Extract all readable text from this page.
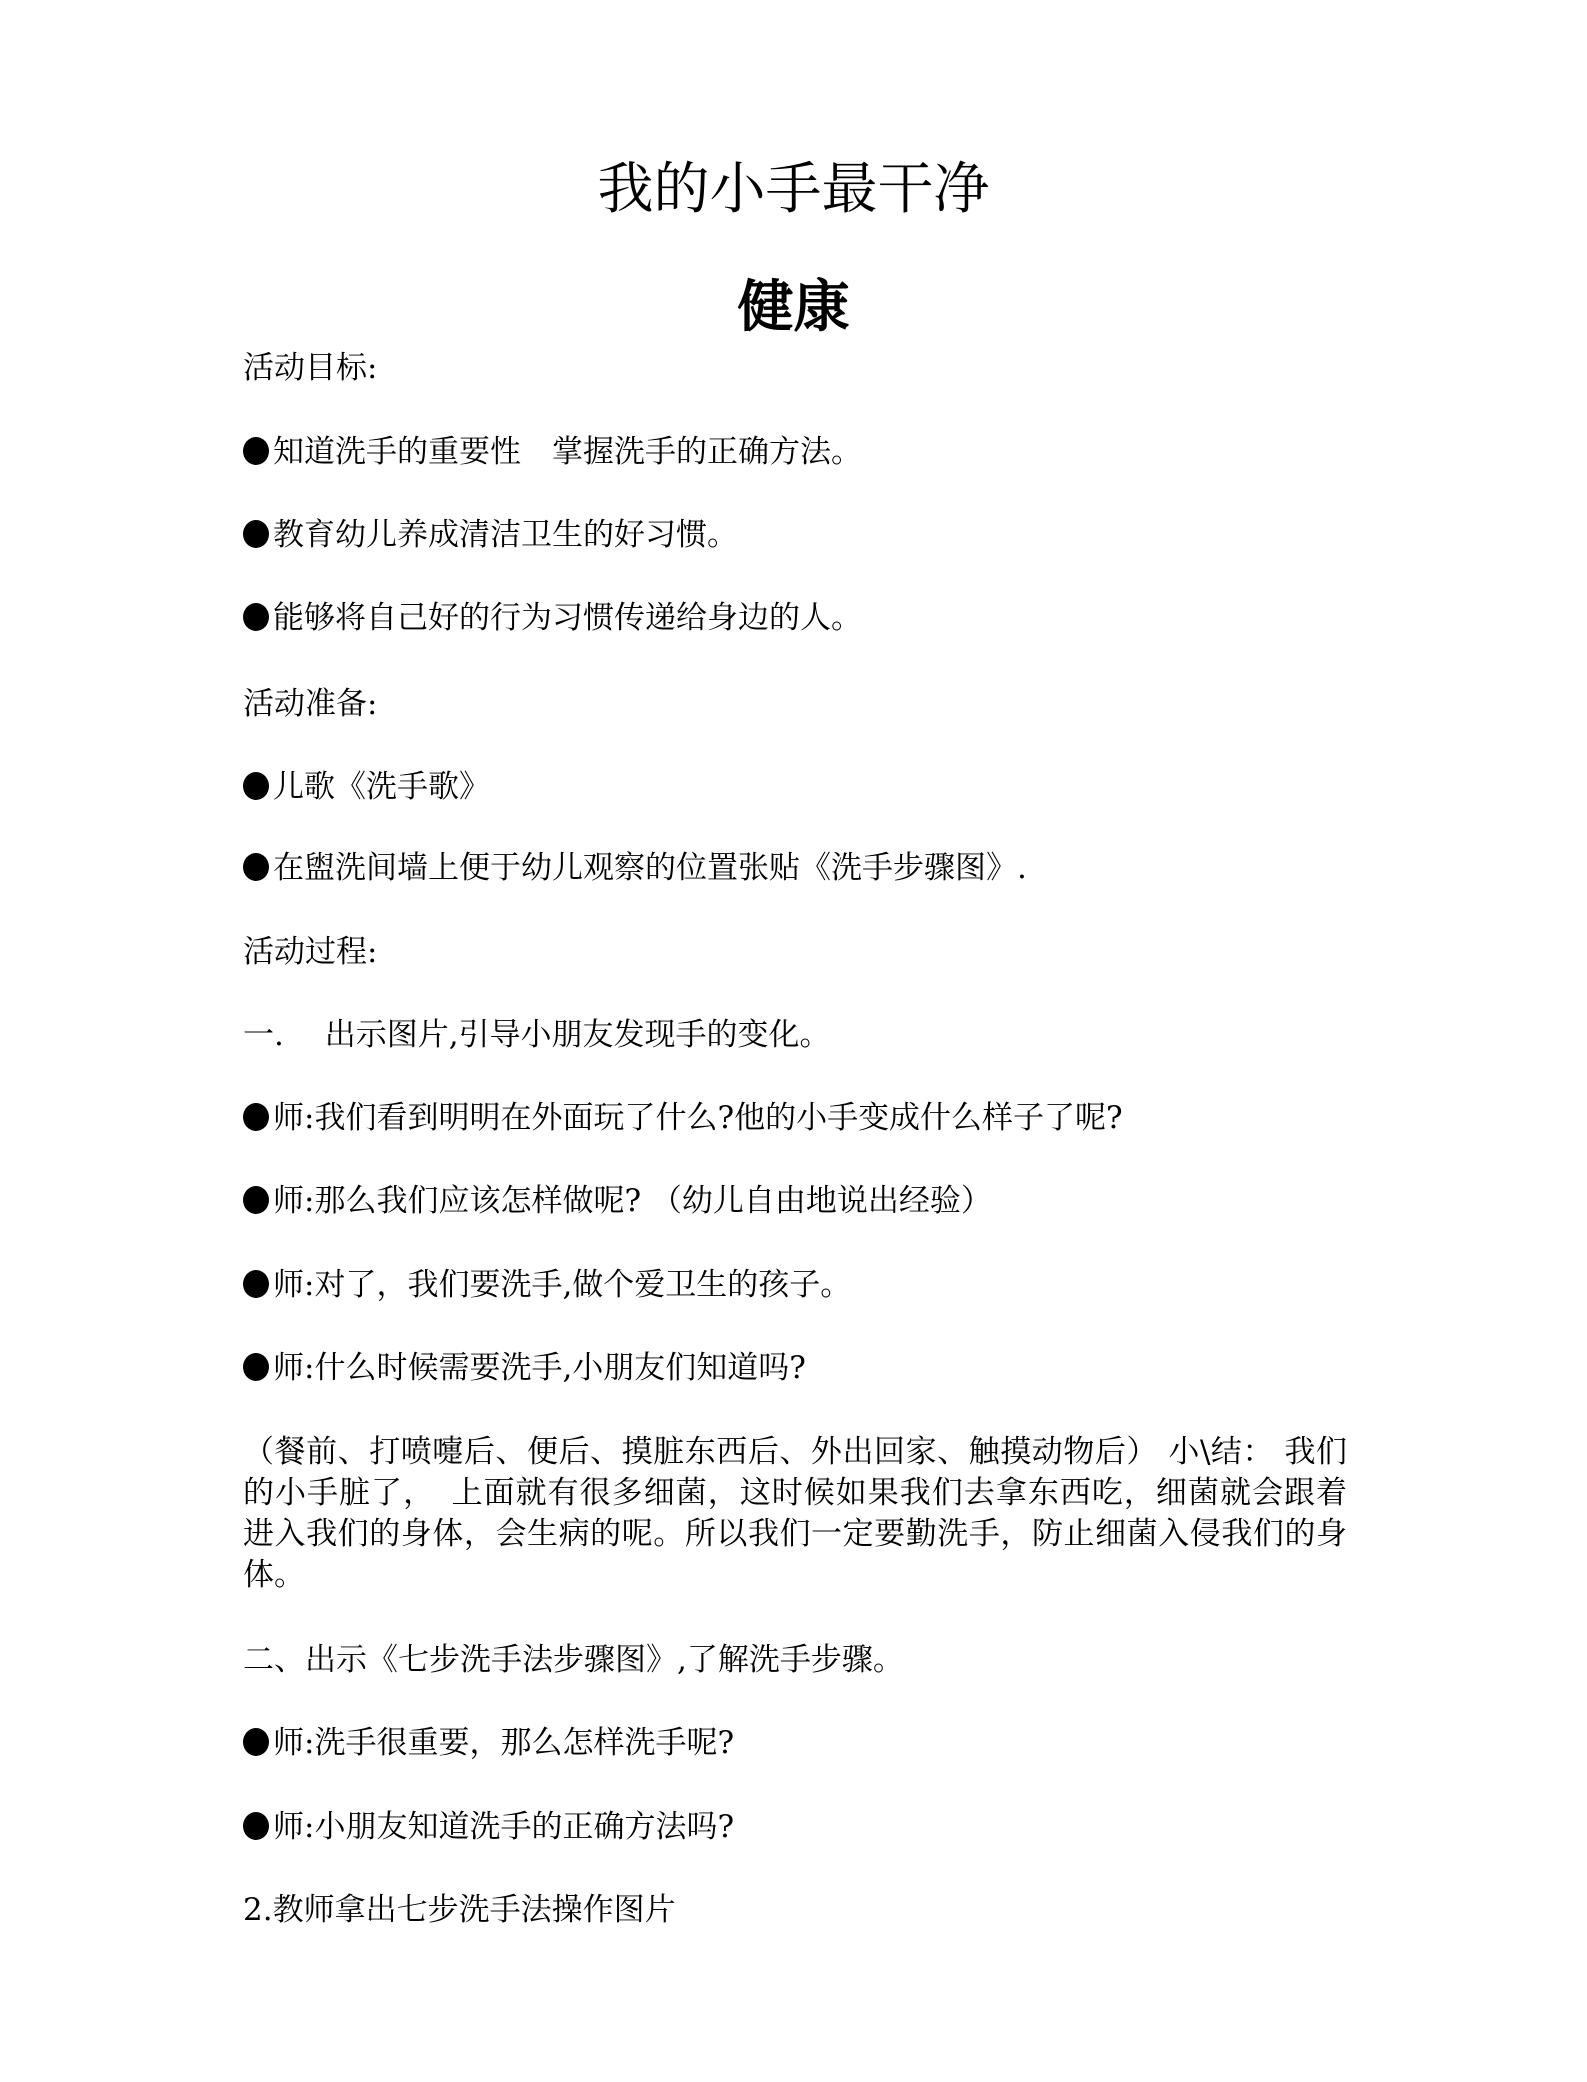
我的小手最干净
健康
活动目标:
知道洗手的重要性　掌握洗手的正确方法。
教育幼儿养成清洁卫生的好习惯。
能够将自己好的行为习惯传递给身边的人。
活动准备:
儿歌《洗手歌》
在盥洗间墙上便于幼儿观察的位置张贴《洗手步骤图》.
活动过程:
一.　 出示图片,引导小朋友发现手的变化。
师:我们看到明明在外面玩了什么?他的小手变成什么样子了呢?
师:那么我们应该怎样做呢? （幼儿自由地说出经验）
师:对了，我们要洗手,做个爱卫生的孩子。
师:什么时候需要洗手,小朋友们知道吗?
（餐前、打喷嚏后、便后、摸脏东西后、外出回家、触摸动物后） 小\结： 我们
的小手脏了，　上面就有很多细菌，这时候如果我们去拿东西吃，细菌就会跟着
进入我们的身体，会生病的呢。所以我们一定要勤洗手，防止细菌入侵我们的身
体。
二、出示《七步洗手法步骤图》,了解洗手步骤。
师:洗手很重要，那么怎样洗手呢?
师:小朋友知道洗手的正确方法吗?
2.教师拿出七步洗手法操作图片
